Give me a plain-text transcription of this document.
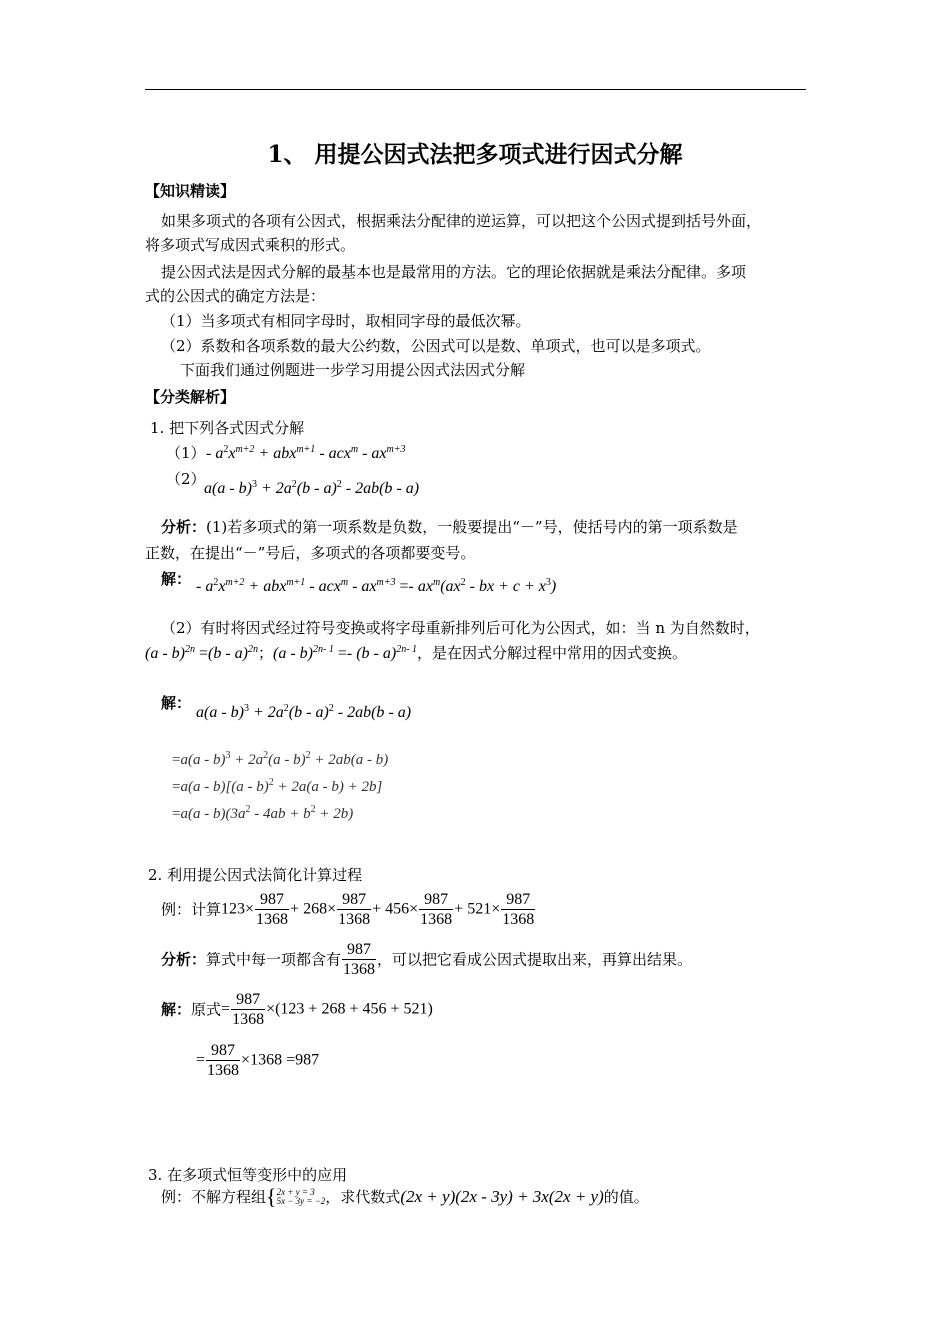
1、 用提公因式法把多项式进行因式分解
【知识精读】
如果多项式的各项有公因式，根据乘法分配律的逆运算，可以把这个公因式提到括号外面，
将多项式写成因式乘积的形式。
提公因式法是因式分解的最基本也是最常用的方法。它的理论依据就是乘法分配律。多项
式的公因式的确定方法是：
（1）当多项式有相同字母时，取相同字母的最低次幂。
（2）系数和各项系数的最大公约数，公因式可以是数、单项式，也可以是多项式。
下面我们通过例题进一步学习用提公因式法因式分解
【分类解析】
1. 把下列各式因式分解
$(1) - a^2x^{m+2} + abx^{m+1} - acx^m - ax^{m+3}$
（2）
$a(a - b)^3 + 2a^2(b - a)^2 - 2ab(b - a)$
分析：(1)若多项式的第一项系数是负数，一般要提出“－”号，使括号内的第一项系数是
正数，在提出“－”号后，多项式的各项都要变号。
解： - $a^2x^{m+2} + abx^{m+1} - acx^m - ax^{m+3} =- ax^m(ax^2$ - bx + $c + x^3$)
（2）有时将因式经过符号变换或将字母重新排列后可化为公因式，如：当 n 为自然数时，
(a - b)$^{2n}$ =(b - a)$^{2n}$；(a - b)$^{2n- 1}$ =- (b - a)$^{2n- 1}$，是在因式分解过程中常用的因式变换。
解：
$a(a - b)^3 + 2a^2(b - a)^2 - 2ab(b - a)$
$=a(a - b)^3 + 2a^2(a - b)^2 + 2ab(a - b)$
=a(a - b)[(a - b)$^2$ + 2a(a - b) + 2b]
$=a(a - b)(3a^2 - 4ab + b^2 + 2b)$
2. 利用提公因式法简化计算过程
例：计算$123\times \frac{987}{1368} + 268\times \frac{987}{1368} + 456\times \frac{987}{1368} + 521\times \frac{987}{1368}$
分析：算式中每一项都含有 $\frac{987}{1368}$ ，可以把它看成公因式提取出来，再算出结果。
解：原式= $\frac{987}{1368} \times(123 + 268 + 456 + 521)$
= $\frac{987}{1368} \times 1368 =987$
3. 在多项式恒等变形中的应用
例：不解方程组{ 2x + y = 3
5x − 3y = −2 ，求代数式(2x + y)(2x - 3y) + 3x(2x + y)的值。
